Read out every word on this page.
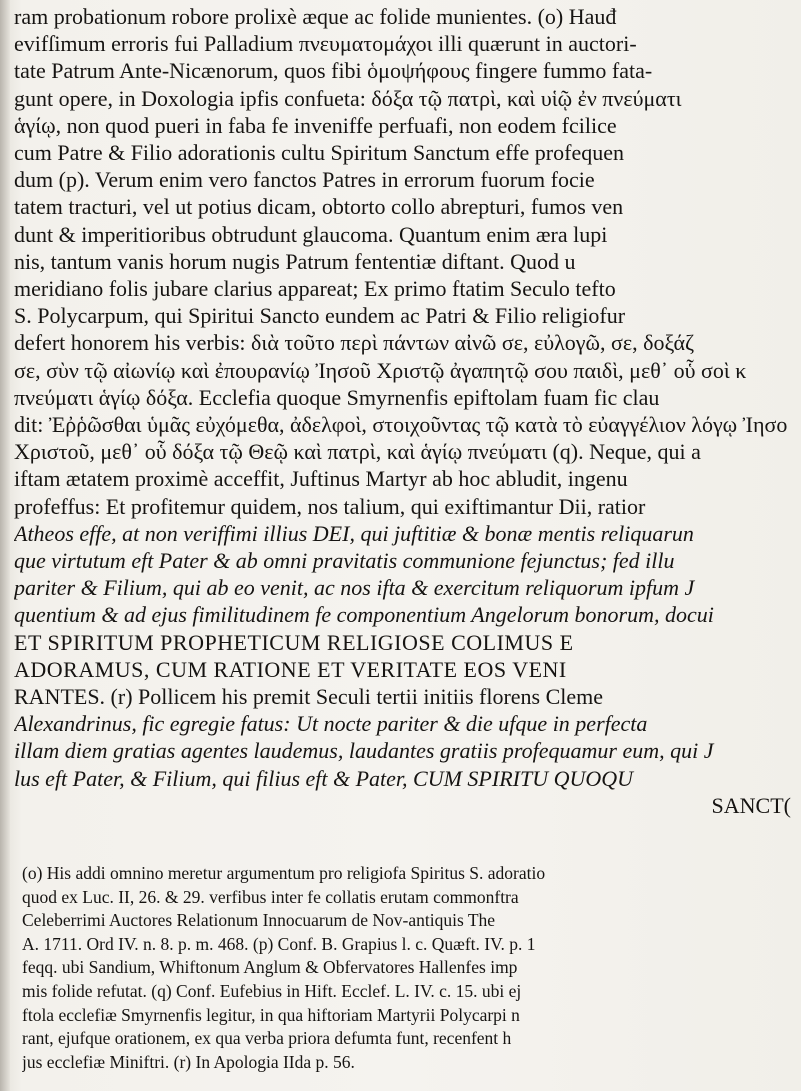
ram probationum robore prolixè æque ac folide munientes. (o) Hauđ
evifſimum erroris fui Palladium πνευματομάχοι illi quærunt in auctori-
tate Patrum Ante-Nicænorum, quos fibi ὁμοψήφους fingere fummo fata-
gunt opere, in Doxologia ipfis confueta: δόξα τῷ πατρὶ, καὶ υἱῷ ἐν πνεύματι
ἁγίῳ, non quod pueri in faba fe inveniffe perfuafi, non eodem fcilice
cum Patre & Filio adorationis cultu Spiritum Sanctum effe profequen
dum (p). Verum enim vero fanctos Patres in errorum fuorum focie
tatem tracturi, vel ut potius dicam, obtorto collo abrepturi, fumos ven
dunt & imperitioribus obtrudunt glaucoma. Quantum enim æra lupi
nis, tantum vanis horum nugis Patrum fententiæ diftant. Quod u
meridiano folis jubare clarius appareat; Ex primo ftatim Seculo tefto
S. Polycarpum, qui Spiritui Sancto eundem ac Patri & Filio religiofur
defert honorem his verbis: διὰ τοῦτο περὶ πάντων αἰνῶ σε, εὐλογῶ, σε, δοξάζ
σε, σὺν τῷ αἰωνίῳ καὶ ἐπουρανίῳ Ἰησοῦ Χριστῷ ἀγαπητῷ σου παιδὶ, μεθ᾽ οὗ σοὶ κ
πνεύματι ἁγίῳ δόξα. Ecclefia quoque Smyrnenfis epiftolam fuam fic clau
dit: Ἐῤῥῶσθαι ὑμᾶς εὐχόμεθα, ἀδελφοὶ, στοιχοῦντας τῷ κατὰ τὸ εὐαγγέλιον λόγῳ Ἰησο
Χριστοῦ, μεθ᾽ οὗ δόξα τῷ Θεῷ καὶ πατρὶ, καὶ ἁγίῳ πνεύματι (q). Neque, qui a
iftam ætatem proximè acceffit, Juftinus Martyr ab hoc abludit, ingenu
profeffus: Et profitemur quidem, nos talium, qui exiftimantur Dii, ratior
Atheos effe, at non veriffimi illius DEI, qui juftitiæ & bonæ mentis reliquarun
que virtutum eft Pater & ab omni pravitatis communione fejunctus; fed illu
pariter & Filium, qui ab eo venit, ac nos ifta & exercitum reliquorum ipfum J
quentium & ad ejus fimilitudinem fe componentium Angelorum bonorum, docui
ET SPIRITUM PROPHETICUM RELIGIOSE COLIMUS E
ADORAMUS, CUM RATIONE ET VERITATE EOS VENI
RANTES. (r) Pollicem his premit Seculi tertii initiis florens Cleme
Alexandrinus, fic egregie fatus: Ut nocte pariter & die ufque in perfecta
illam diem gratias agentes laudemus, laudantes gratiis profequamur eum, qui J
lus eft Pater, & Filium, qui filius eft & Pater, CUM SPIRITU QUOQU
SANCT(
(o) His addi omnino meretur argumentum pro religiofa Spiritus S. adoratio
quod ex Luc. II, 26. & 29. verfibus inter fe collatis erutam commonftra
Celeberrimi Auctores Relationum Innocuarum de Nov-antiquis The
A. 1711. Ord IV. n. 8. p. m. 468. (p) Conf. B. Grapius l. c. Quæft. IV. p. 1
feqq. ubi Sandium, Whiftonum Anglum & Obfervatores Hallenfes imp
mis folide refutat. (q) Conf. Eufebius in Hift. Ecclef. L. IV. c. 15. ubi ej
ftola ecclefiæ Smyrnenfis legitur, in qua hiftoriam Martyrii Polycarpi n
rant, ejufque orationem, ex qua verba priora defumta funt, recenfent h
jus ecclefiæ Miniftri. (r) In Apologia IIda p. 56.
